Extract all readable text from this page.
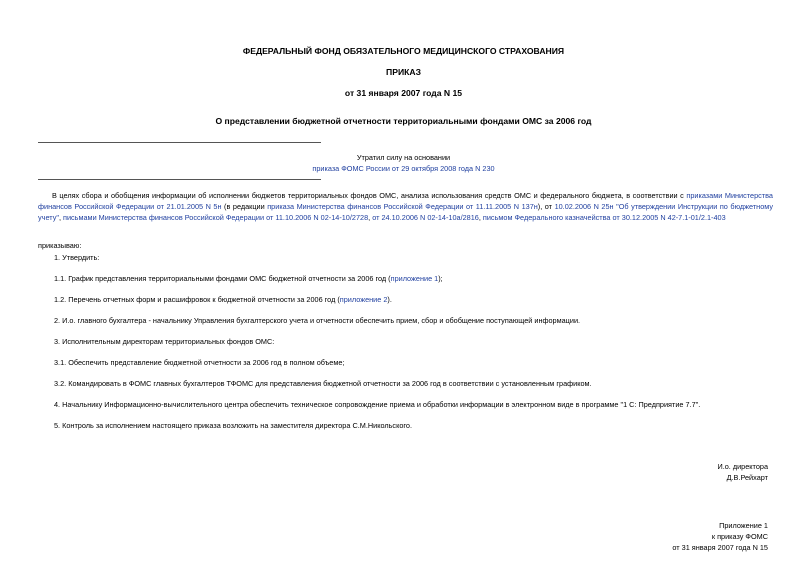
ФЕДЕРАЛЬНЫЙ ФОНД ОБЯЗАТЕЛЬНОГО МЕДИЦИНСКОГО СТРАХОВАНИЯ
ПРИКАЗ
от 31 января 2007 года N 15
О представлении бюджетной отчетности территориальными фондами ОМС за 2006 год
Утратил силу на основании
приказа ФОМС России от 29 октября 2008 года N 230
В целях сбора и обобщения информации об исполнении бюджетов территориальных фондов ОМС, анализа использования средств ОМС и федерального бюджета, в соответствии с приказами Министерства финансов Российской Федерации от 21.01.2005 N 5н (в редакции приказа Министерства финансов Российской Федерации от 11.11.2005 N 137н), от 10.02.2006 N 25н "Об утверждении Инструкции по бюджетному учету", письмами Министерства финансов Российской Федерации от 11.10.2006 N 02-14-10/2728, от 24.10.2006 N 02-14-10а/2816, письмом Федерального казначейства от 30.12.2005 N 42-7.1-01/2.1-403
приказываю:
1. Утвердить:
1.1. График представления территориальными фондами ОМС бюджетной отчетности за 2006 год (приложение 1);
1.2. Перечень отчетных форм и расшифровок к бюджетной отчетности за 2006 год (приложение 2).
2. И.о. главного бухгалтера - начальнику Управления бухгалтерского учета и отчетности обеспечить прием, сбор и обобщение поступающей информации.
3. Исполнительным директорам территориальных фондов ОМС:
3.1. Обеспечить представление бюджетной отчетности за 2006 год в полном объеме;
3.2. Командировать в ФОМС главных бухгалтеров ТФОМС для представления бюджетной отчетности за 2006 год в соответствии с установленным графиком.
4. Начальнику Информационно-вычислительного центра обеспечить техническое сопровождение приема и обработки информации в электронном виде в программе "1 С: Предприятие 7.7".
5. Контроль за исполнением настоящего приказа возложить на заместителя директора С.М.Никольского.
И.о. директора
Д.В.Рейхарт
Приложение 1
к приказу ФОМС
от 31 января 2007 года N 15
